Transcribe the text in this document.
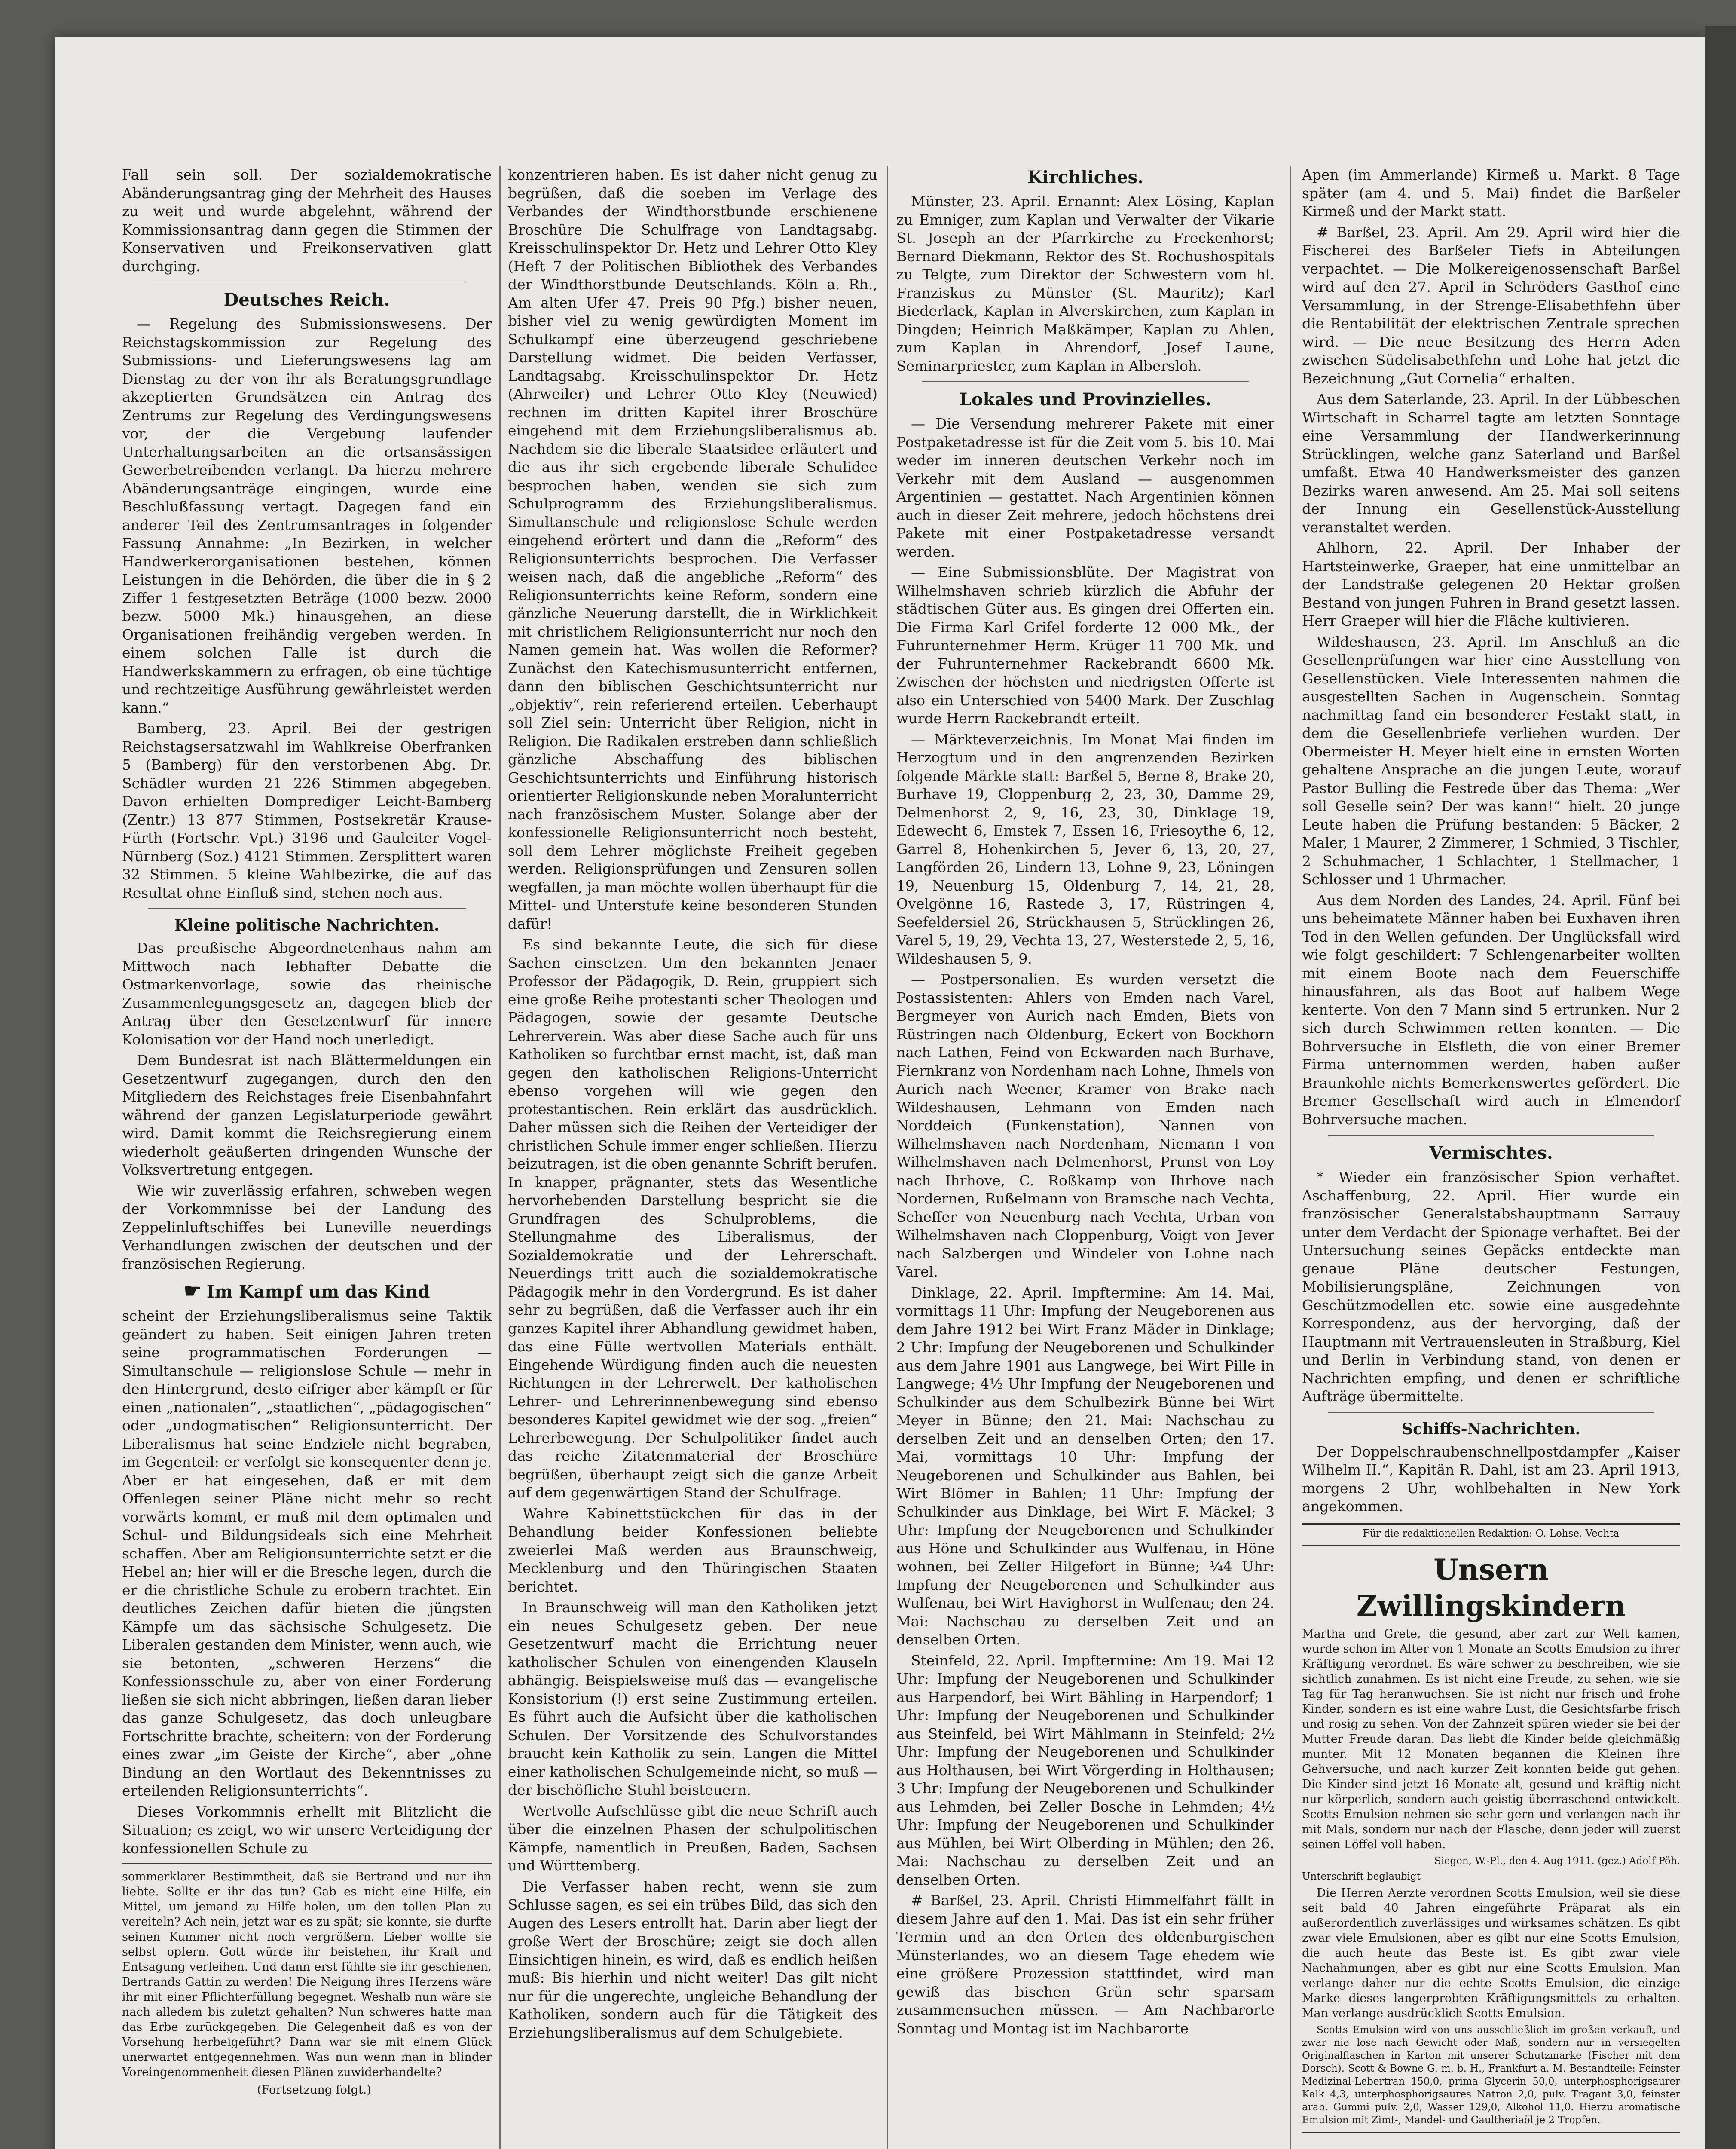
Fall sein soll. Der sozialdemokratische Abänderungsantrag ging der Mehrheit des Hauses zu weit und wurde abgelehnt, während der Kommissionsantrag dann gegen die Stimmen der Konservativen und Freikonservativen glatt durchging.

Deutsches Reich.

— Regelung des Submissionswesens. Der Reichstagskommission zur Regelung des Submissions- und Lieferungswesens lag am Dienstag zu der von ihr als Beratungsgrundlage akzeptierten Grundsätzen ein Antrag des Zentrums zur Regelung des Verdingungswesens vor, der die Vergebung laufender Unterhaltungsarbeiten an die ortsansässigen Gewerbetreibenden verlangt. Da hierzu mehrere Abänderungsanträge eingingen, wurde eine Beschlußfassung vertagt. Dagegen fand ein anderer Teil des Zentrumsantrages in folgender Fassung Annahme: „In Bezirken, in welcher Handwerkerorganisationen bestehen, können Leistungen in die Behörden, die über die in § 2 Ziffer 1 festgesetzten Beträge (1000 bezw. 2000 bezw. 5000 Mk.) hinausgehen, an diese Organisationen freihändig vergeben werden. In einem solchen Falle ist durch die Handwerkskammern zu erfragen, ob eine tüchtige und rechtzeitige Ausführung gewährleistet werden kann.“

Bamberg, 23. April. Bei der gestrigen Reichstagsersatzwahl im Wahlkreise Oberfranken 5 (Bamberg) für den verstorbenen Abg. Dr. Schädler wurden 21 226 Stimmen abgegeben. Davon erhielten Domprediger Leicht-Bamberg (Zentr.) 13 877 Stimmen, Postsekretär Krause-Fürth (Fortschr. Vpt.) 3196 und Gauleiter Vogel-Nürnberg (Soz.) 4121 Stimmen. Zersplittert waren 32 Stimmen. 5 kleine Wahlbezirke, die auf das Resultat ohne Einfluß sind, stehen noch aus.

Kleine politische Nachrichten.

Das preußische Abgeordnetenhaus nahm am Mittwoch nach lebhafter Debatte die Ostmarkenvorlage, sowie das rheinische Zusammenlegungsgesetz an, dagegen blieb der Antrag über den Gesetzentwurf für innere Kolonisation vor der Hand noch unerledigt.

Dem Bundesrat ist nach Blättermeldungen ein Gesetzentwurf zugegangen, durch den den Mitgliedern des Reichstages freie Eisenbahnfahrt während der ganzen Legislaturperiode gewährt wird. Damit kommt die Reichsregierung einem wiederholt geäußerten dringenden Wunsche der Volksvertretung entgegen.

Wie wir zuverlässig erfahren, schweben wegen der Vorkommnisse bei der Landung des Zeppelinluftschiffes bei Luneville neuerdings Verhandlungen zwischen der deutschen und der französischen Regierung.

☛ Im Kampf um das Kind

scheint der Erziehungsliberalismus seine Taktik geändert zu haben. Seit einigen Jahren treten seine programmatischen Forderungen — Simultanschule — religionslose Schule — mehr in den Hintergrund, desto eifriger aber kämpft er für einen „nationalen“, „staatlichen“, „pädagogischen“ oder „undogmatischen“ Religionsunterricht. Der Liberalismus hat seine Endziele nicht begraben, im Gegenteil: er verfolgt sie konsequenter denn je. Aber er hat eingesehen, daß er mit dem Offenlegen seiner Pläne nicht mehr so recht vorwärts kommt, er muß mit dem optimalen und Schul- und Bildungsideals sich eine Mehrheit schaffen. Aber am Religionsunterrichte setzt er die Hebel an; hier will er die Bresche legen, durch die er die christliche Schule zu erobern trachtet. Ein deutliches Zeichen dafür bieten die jüngsten Kämpfe um das sächsische Schulgesetz. Die Liberalen gestanden dem Minister, wenn auch, wie sie betonten, „schweren Herzens“ die Konfessionsschule zu, aber von einer Forderung ließen sie sich nicht abbringen, ließen daran lieber das ganze Schulgesetz, das doch unleugbare Fortschritte brachte, scheitern: von der Forderung eines zwar „im Geiste der Kirche“, aber „ohne Bindung an den Wortlaut des Bekenntnisses zu erteilenden Religionsunterrichts“.

Dieses Vorkommnis erhellt mit Blitzlicht die Situation; es zeigt, wo wir unsere Verteidigung der konfessionellen Schule zu

sommerklarer Bestimmtheit, daß sie Bertrand und nur ihn liebte. Sollte er ihr das tun? Gab es nicht eine Hilfe, ein Mittel, um jemand zu Hilfe holen, um den tollen Plan zu vereiteln? Ach nein, jetzt war es zu spät; sie konnte, sie durfte seinen Kummer nicht noch vergrößern. Lieber wollte sie selbst opfern. Gott würde ihr beistehen, ihr Kraft und Entsagung verleihen. Und dann erst fühlte sie ihr geschienen, Bertrands Gattin zu werden! Die Neigung ihres Herzens wäre ihr mit einer Pflichterfüllung begegnet. Weshalb nun wäre sie nach alledem bis zuletzt gehalten? Nun schweres hatte man das Erbe zurückgegeben. Die Gelegenheit daß es von der Vorsehung herbeigeführt? Dann war sie mit einem Glück unerwartet entgegennehmen. Was nun wenn man in blinder Voreingenommenheit diesen Plänen zuwiderhandelte?

(Fortsetzung folgt.)

konzentrieren haben. Es ist daher nicht genug zu begrüßen, daß die soeben im Verlage des Verbandes der Windthorstbunde erschienene Broschüre Die Schulfrage von Landtagsabg. Kreisschulinspektor Dr. Hetz und Lehrer Otto Kley (Heft 7 der Politischen Bibliothek des Verbandes der Windthorstbunde Deutschlands. Köln a. Rh., Am alten Ufer 47. Preis 90 Pfg.) bisher neuen, bisher viel zu wenig gewürdigten Moment im Schulkampf eine überzeugend geschriebene Darstellung widmet. Die beiden Verfasser, Landtagsabg. Kreisschulinspektor Dr. Hetz (Ahrweiler) und Lehrer Otto Kley (Neuwied) rechnen im dritten Kapitel ihrer Broschüre eingehend mit dem Erziehungsliberalismus ab. Nachdem sie die liberale Staatsidee erläutert und die aus ihr sich ergebende liberale Schulidee besprochen haben, wenden sie sich zum Schulprogramm des Erziehungsliberalismus. Simultanschule und religionslose Schule werden eingehend erörtert und dann die „Reform“ des Religionsunterrichts besprochen. Die Verfasser weisen nach, daß die angebliche „Reform“ des Religionsunterrichts keine Reform, sondern eine gänzliche Neuerung darstellt, die in Wirklichkeit mit christlichem Religionsunterricht nur noch den Namen gemein hat. Was wollen die Reformer? Zunächst den Katechismusunterricht entfernen, dann den biblischen Geschichtsunterricht nur „objektiv“, rein referierend erteilen. Ueberhaupt soll Ziel sein: Unterricht über Religion, nicht in Religion. Die Radikalen erstreben dann schließlich gänzliche Abschaffung des biblischen Geschichtsunterrichts und Einführung historisch orientierter Religionskunde neben Moralunterricht nach französischem Muster. Solange aber der konfessionelle Religionsunterricht noch besteht, soll dem Lehrer möglichste Freiheit gegeben werden. Religionsprüfungen und Zensuren sollen wegfallen, ja man möchte wollen überhaupt für die Mittel- und Unterstufe keine besonderen Stunden dafür!

Es sind bekannte Leute, die sich für diese Sachen einsetzen. Um den bekannten Jenaer Professor der Pädagogik, D. Rein, gruppiert sich eine große Reihe protestanti scher Theologen und Pädagogen, sowie der gesamte Deutsche Lehrerverein. Was aber diese Sache auch für uns Katholiken so furchtbar ernst macht, ist, daß man gegen den katholischen Religions-Unterricht ebenso vorgehen will wie gegen den protestantischen. Rein erklärt das ausdrücklich. Daher müssen sich die Reihen der Verteidiger der christlichen Schule immer enger schließen. Hierzu beizutragen, ist die oben genannte Schrift berufen. In knapper, prägnanter, stets das Wesentliche hervorhebenden Darstellung bespricht sie die Grundfragen des Schulproblems, die Stellungnahme des Liberalismus, der Sozialdemokratie und der Lehrerschaft. Neuerdings tritt auch die sozialdemokratische Pädagogik mehr in den Vordergrund. Es ist daher sehr zu begrüßen, daß die Verfasser auch ihr ein ganzes Kapitel ihrer Abhandlung gewidmet haben, das eine Fülle wertvollen Materials enthält. Eingehende Würdigung finden auch die neuesten Richtungen in der Lehrerwelt. Der katholischen Lehrer- und Lehrerinnenbewegung sind ebenso besonderes Kapitel gewidmet wie der sog. „freien“ Lehrerbewegung. Der Schulpolitiker findet auch das reiche Zitatenmaterial der Broschüre begrüßen, überhaupt zeigt sich die ganze Arbeit auf dem gegenwärtigen Stand der Schulfrage.

Wahre Kabinettstückchen für das in der Behandlung beider Konfessionen beliebte zweierlei Maß werden aus Braunschweig, Mecklenburg und den Thüringischen Staaten berichtet.

In Braunschweig will man den Katholiken jetzt ein neues Schulgesetz geben. Der neue Gesetzentwurf macht die Errichtung neuer katholischer Schulen von einengenden Klauseln abhängig. Beispielsweise muß das — evangelische Konsistorium (!) erst seine Zustimmung erteilen. Es führt auch die Aufsicht über die katholischen Schulen. Der Vorsitzende des Schulvorstandes braucht kein Katholik zu sein. Langen die Mittel einer katholischen Schulgemeinde nicht, so muß — der bischöfliche Stuhl beisteuern.

Wertvolle Aufschlüsse gibt die neue Schrift auch über die einzelnen Phasen der schulpolitischen Kämpfe, namentlich in Preußen, Baden, Sachsen und Württemberg.

Die Verfasser haben recht, wenn sie zum Schlusse sagen, es sei ein trübes Bild, das sich den Augen des Lesers entrollt hat. Darin aber liegt der große Wert der Broschüre; zeigt sie doch allen Einsichtigen hinein, es wird, daß es endlich heißen muß: Bis hierhin und nicht weiter! Das gilt nicht nur für die ungerechte, ungleiche Behandlung der Katholiken, sondern auch für die Tätigkeit des Erziehungsliberalismus auf dem Schulgebiete.

Kirchliches.

Münster, 23. April. Ernannt: Alex Lösing, Kaplan zu Emniger, zum Kaplan und Verwalter der Vikarie St. Joseph an der Pfarrkirche zu Freckenhorst; Bernard Diekmann, Rektor des St. Rochushospitals zu Telgte, zum Direktor der Schwestern vom hl. Franziskus zu Münster (St. Mauritz); Karl Biederlack, Kaplan in Alverskirchen, zum Kaplan in Dingden; Heinrich Maßkämper, Kaplan zu Ahlen, zum Kaplan in Ahrendorf, Josef Laune, Seminarpriester, zum Kaplan in Albersloh.

Lokales und Provinzielles.

— Die Versendung mehrerer Pakete mit einer Postpaketadresse ist für die Zeit vom 5. bis 10. Mai weder im inneren deutschen Verkehr noch im Verkehr mit dem Ausland — ausgenommen Argentinien — gestattet. Nach Argentinien können auch in dieser Zeit mehrere, jedoch höchstens drei Pakete mit einer Postpaketadresse versandt werden.

— Eine Submissionsblüte. Der Magistrat von Wilhelmshaven schrieb kürzlich die Abfuhr der städtischen Güter aus. Es gingen drei Offerten ein. Die Firma Karl Grifel forderte 12 000 Mk., der Fuhrunternehmer Herm. Krüger 11 700 Mk. und der Fuhrunternehmer Rackebrandt 6600 Mk. Zwischen der höchsten und niedrigsten Offerte ist also ein Unterschied von 5400 Mark. Der Zuschlag wurde Herrn Rackebrandt erteilt.

— Märkteverzeichnis. Im Monat Mai finden im Herzogtum und in den angrenzenden Bezirken folgende Märkte statt: Barßel 5, Berne 8, Brake 20, Burhave 19, Cloppenburg 2, 23, 30, Damme 29, Delmenhorst 2, 9, 16, 23, 30, Dinklage 19, Edewecht 6, Emstek 7, Essen 16, Friesoythe 6, 12, Garrel 8, Hohenkirchen 5, Jever 6, 13, 20, 27, Langförden 26, Lindern 13, Lohne 9, 23, Löningen 19, Neuenburg 15, Oldenburg 7, 14, 21, 28, Ovelgönne 16, Rastede 3, 17, Rüstringen 4, Seefeldersiel 26, Strückhausen 5, Strücklingen 26, Varel 5, 19, 29, Vechta 13, 27, Westerstede 2, 5, 16, Wildeshausen 5, 9.

— Postpersonalien. Es wurden versetzt die Postassistenten: Ahlers von Emden nach Varel, Bergmeyer von Aurich nach Emden, Biets von Rüstringen nach Oldenburg, Eckert von Bockhorn nach Lathen, Feind von Eckwarden nach Burhave, Fiernkranz von Nordenham nach Lohne, Ihmels von Aurich nach Weener, Kramer von Brake nach Wildeshausen, Lehmann von Emden nach Norddeich (Funkenstation), Nannen von Wilhelmshaven nach Nordenham, Niemann I von Wilhelmshaven nach Delmenhorst, Prunst von Loy nach Ihrhove, C. Roßkamp von Ihrhove nach Nordernen, Rußelmann von Bramsche nach Vechta, Scheffer von Neuenburg nach Vechta, Urban von Wilhelmshaven nach Cloppenburg, Voigt von Jever nach Salzbergen und Windeler von Lohne nach Varel.

Dinklage, 22. April. Impftermine: Am 14. Mai, vormittags 11 Uhr: Impfung der Neugeborenen aus dem Jahre 1912 bei Wirt Franz Mäder in Dinklage; 2 Uhr: Impfung der Neugeborenen und Schulkinder aus dem Jahre 1901 aus Langwege, bei Wirt Pille in Langwege; 4½ Uhr Impfung der Neugeborenen und Schulkinder aus dem Schulbezirk Bünne bei Wirt Meyer in Bünne; den 21. Mai: Nachschau zu derselben Zeit und an denselben Orten; den 17. Mai, vormittags 10 Uhr: Impfung der Neugeborenen und Schulkinder aus Bahlen, bei Wirt Blömer in Bahlen; 11 Uhr: Impfung der Schulkinder aus Dinklage, bei Wirt F. Mäckel; 3 Uhr: Impfung der Neugeborenen und Schulkinder aus Höne und Schulkinder aus Wulfenau, in Höne wohnen, bei Zeller Hilgefort in Bünne; ¼4 Uhr: Impfung der Neugeborenen und Schulkinder aus Wulfenau, bei Wirt Havighorst in Wulfenau; den 24. Mai: Nachschau zu derselben Zeit und an denselben Orten.

Steinfeld, 22. April. Impftermine: Am 19. Mai 12 Uhr: Impfung der Neugeborenen und Schulkinder aus Harpendorf, bei Wirt Bähling in Harpendorf; 1 Uhr: Impfung der Neugeborenen und Schulkinder aus Steinfeld, bei Wirt Mählmann in Steinfeld; 2½ Uhr: Impfung der Neugeborenen und Schulkinder aus Holthausen, bei Wirt Vörgerding in Holthausen; 3 Uhr: Impfung der Neugeborenen und Schulkinder aus Lehmden, bei Zeller Bosche in Lehmden; 4½ Uhr: Impfung der Neugeborenen und Schulkinder aus Mühlen, bei Wirt Olberding in Mühlen; den 26. Mai: Nachschau zu derselben Zeit und an denselben Orten.

# Barßel, 23. April. Christi Himmelfahrt fällt in diesem Jahre auf den 1. Mai. Das ist ein sehr früher Termin und an den Orten des oldenburgischen Münsterlandes, wo an diesem Tage ehedem wie eine größere Prozession stattfindet, wird man gewiß das bischen Grün sehr sparsam zusammensuchen müssen. — Am Nachbarorte Sonntag und Montag ist im Nachbarorte

Apen (im Ammerlande) Kirmeß u. Markt. 8 Tage später (am 4. und 5. Mai) findet die Barßeler Kirmeß und der Markt statt.

# Barßel, 23. April. Am 29. April wird hier die Fischerei des Barßeler Tiefs in Abteilungen verpachtet. — Die Molkereigenossenschaft Barßel wird auf den 27. April in Schröders Gasthof eine Versammlung, in der Strenge-Elisabethfehn über die Rentabilität der elektrischen Zentrale sprechen wird. — Die neue Besitzung des Herrn Aden zwischen Südelisabethfehn und Lohe hat jetzt die Bezeichnung „Gut Cornelia“ erhalten.

Aus dem Saterlande, 23. April. In der Lübbeschen Wirtschaft in Scharrel tagte am letzten Sonntage eine Versammlung der Handwerkerinnung Strücklingen, welche ganz Saterland und Barßel umfaßt. Etwa 40 Handwerksmeister des ganzen Bezirks waren anwesend. Am 25. Mai soll seitens der Innung ein Gesellenstück-Ausstellung veranstaltet werden.

Ahlhorn, 22. April. Der Inhaber der Hartsteinwerke, Graeper, hat eine unmittelbar an der Landstraße gelegenen 20 Hektar großen Bestand von jungen Fuhren in Brand gesetzt lassen. Herr Graeper will hier die Fläche kultivieren.

Wildeshausen, 23. April. Im Anschluß an die Gesellenprüfungen war hier eine Ausstellung von Gesellenstücken. Viele Interessenten nahmen die ausgestellten Sachen in Augenschein. Sonntag nachmittag fand ein besonderer Festakt statt, in dem die Gesellenbriefe verliehen wurden. Der Obermeister H. Meyer hielt eine in ernsten Worten gehaltene Ansprache an die jungen Leute, worauf Pastor Bulling die Festrede über das Thema: „Wer soll Geselle sein? Der was kann!“ hielt. 20 junge Leute haben die Prüfung bestanden: 5 Bäcker, 2 Maler, 1 Maurer, 2 Zimmerer, 1 Schmied, 3 Tischler, 2 Schuhmacher, 1 Schlachter, 1 Stellmacher, 1 Schlosser und 1 Uhrmacher.

Aus dem Norden des Landes, 24. April. Fünf bei uns beheimatete Männer haben bei Euxhaven ihren Tod in den Wellen gefunden. Der Unglücksfall wird wie folgt geschildert: 7 Schlengenarbeiter wollten mit einem Boote nach dem Feuerschiffe hinausfahren, als das Boot auf halbem Wege kenterte. Von den 7 Mann sind 5 ertrunken. Nur 2 sich durch Schwimmen retten konnten. — Die Bohrversuche in Elsfleth, die von einer Bremer Firma unternommen werden, haben außer Braunkohle nichts Bemerkenswertes gefördert. Die Bremer Gesellschaft wird auch in Elmendorf Bohrversuche machen.

Vermischtes.

* Wieder ein französischer Spion verhaftet. Aschaffenburg, 22. April. Hier wurde ein französischer Generalstabshauptmann Sarrauy unter dem Verdacht der Spionage verhaftet. Bei der Untersuchung seines Gepäcks entdeckte man genaue Pläne deutscher Festungen, Mobilisierungspläne, Zeichnungen von Geschützmodellen etc. sowie eine ausgedehnte Korrespondenz, aus der hervorging, daß der Hauptmann mit Vertrauensleuten in Straßburg, Kiel und Berlin in Verbindung stand, von denen er Nachrichten empfing, und denen er schriftliche Aufträge übermittelte.

Schiffs-Nachrichten.

Der Doppelschraubenschnellpostdampfer „Kaiser Wilhelm II.“, Kapitän R. Dahl, ist am 23. April 1913, morgens 2 Uhr, wohlbehalten in New York angekommen.

Für die redaktionellen Redaktion: O. Lohse, Vechta

Unsern Zwillingskindern

Martha und Grete, die gesund, aber zart zur Welt kamen, wurde schon im Alter von 1 Monate an Scotts Emulsion zu ihrer Kräftigung verordnet. Es wäre schwer zu beschreiben, wie sie sichtlich zunahmen. Es ist nicht eine Freude, zu sehen, wie sie Tag für Tag heranwuchsen. Sie ist nicht nur frisch und frohe Kinder, sondern es ist eine wahre Lust, die Gesichtsfarbe frisch und rosig zu sehen. Von der Zahnzeit spüren wieder sie bei der Mutter Freude daran. Das liebt die Kinder beide gleichmäßig munter. Mit 12 Monaten begannen die Kleinen ihre Gehversuche, und nach kurzer Zeit konnten beide gut gehen. Die Kinder sind jetzt 16 Monate alt, gesund und kräftig nicht nur körperlich, sondern auch geistig überraschend entwickelt. Scotts Emulsion nehmen sie sehr gern und verlangen nach ihr mit Mals, sondern nur nach der Flasche, denn jeder will zuerst seinen Löffel voll haben.

Siegen, W.-Pl., den 4. Aug 1911. (gez.) Adolf Pöh.

Unterschrift beglaubigt

Die Herren Aerzte verordnen Scotts Emulsion, weil sie diese seit bald 40 Jahren eingeführte Präparat als ein außerordentlich zuverlässiges und wirksames schätzen. Es gibt zwar viele Emulsionen, aber es gibt nur eine Scotts Emulsion, die auch heute das Beste ist. Es gibt zwar viele Nachahmungen, aber es gibt nur eine Scotts Emulsion. Man verlange daher nur die echte Scotts Emulsion, die einzige Marke dieses langerprobten Kräftigungsmittels zu erhalten. Man verlange ausdrücklich Scotts Emulsion.

Scotts Emulsion wird von uns ausschließlich im großen verkauft, und zwar nie lose nach Gewicht oder Maß, sondern nur in versiegelten Originalflaschen in Karton mit unserer Schutzmarke (Fischer mit dem Dorsch). Scott & Bowne G. m. b. H., Frankfurt a. M. Bestandteile: Feinster Medizinal-Lebertran 150,0, prima Glycerin 50,0, unterphosphorigsaurer Kalk 4,3, unterphosphorigsaures Natron 2,0, pulv. Tragant 3,0, feinster arab. Gummi pulv. 2,0, Wasser 129,0, Alkohol 11,0. Hierzu aromatische Emulsion mit Zimt-, Mandel- und Gaultheriaöl je 2 Tropfen.
